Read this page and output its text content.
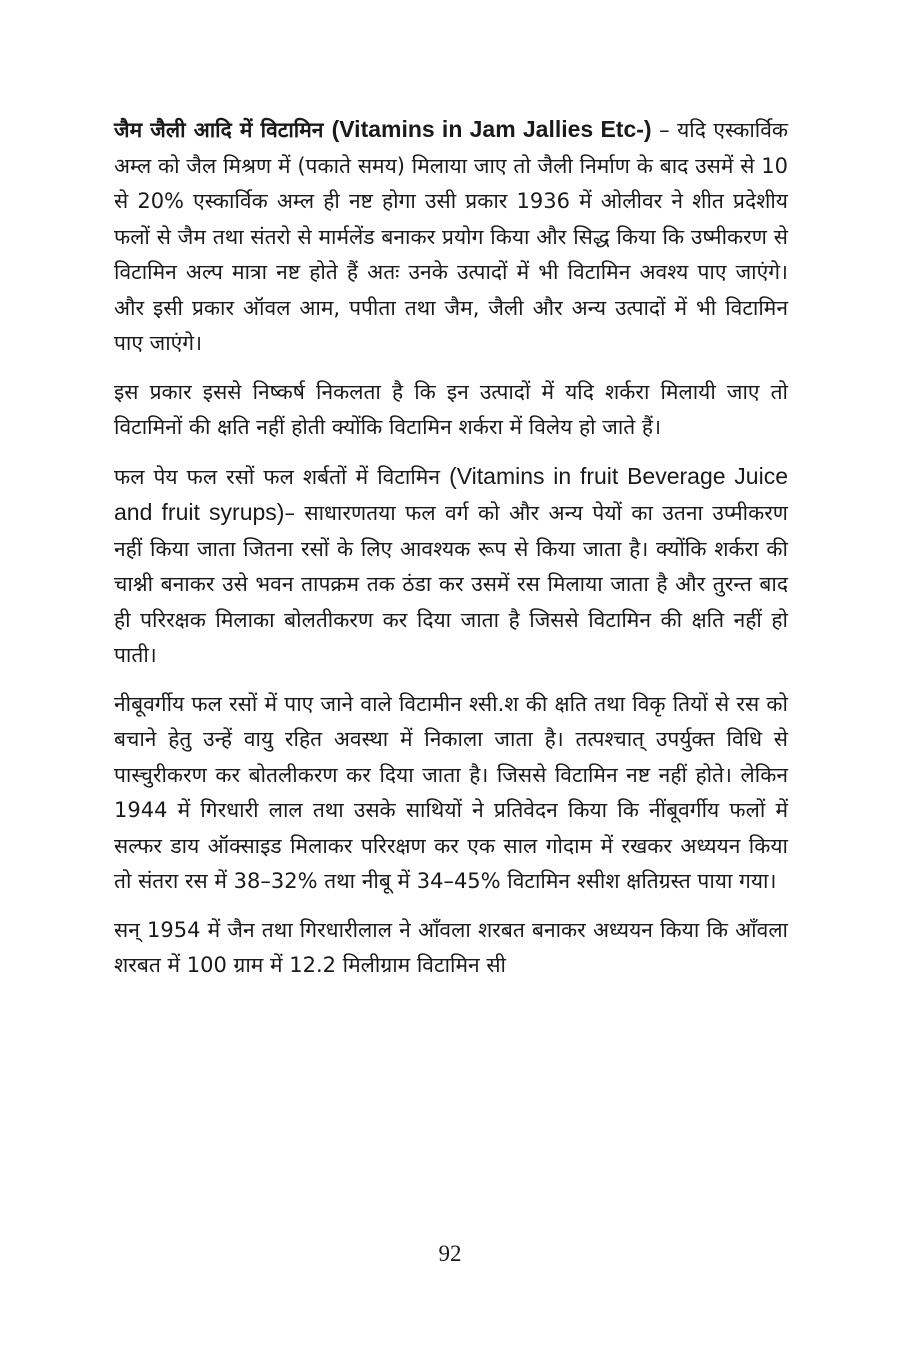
जैम जैली आदि में विटामिन (Vitamins in Jam Jallies Etc-) – यदि एस्कार्विक अम्ल को जैल मिश्रण में (पकाते समय) मिलाया जाए तो जैली निर्माण के बाद उसमें से 10 से 20% एस्कार्विक अम्ल ही नष्ट होगा उसी प्रकार 1936 में ओलीवर ने शीत प्रदेशीय फलों से जैम तथा संतरो से मार्मलेंड बनाकर प्रयोग किया और सिद्ध किया कि उष्मीकरण से विटामिन अल्प मात्रा नष्ट होते हैं अतः उनके उत्पादों में भी विटामिन अवश्य पाए जाएंगे। और इसी प्रकार ऑवल आम, पपीता तथा जैम, जैली और अन्य उत्पादों में भी विटामिन पाए जाएंगे।

इस प्रकार इससे निष्कर्ष निकलता है कि इन उत्पादों में यदि शर्करा मिलायी जाए तो विटामिनों की क्षति नहीं होती क्योंकि विटामिन शर्करा में विलेय हो जाते हैं।

फल पेय फल रसों फल शर्बतों में विटामिन (Vitamins in fruit Beverage Juice and fruit syrups)– साधारणतया फल वर्ग को और अन्य पेयों का उतना उप्मीकरण नहीं किया जाता जितना रसों के लिए आवश्यक रूप से किया जाता है। क्योंकि शर्करा की चाश्नी बनाकर उसे भवन तापक्रम तक ठंडा कर उसमें रस मिलाया जाता है और तुरन्त बाद ही परिरक्षक मिलाका बोलतीकरण कर दिया जाता है जिससे विटामिन की क्षति नहीं हो पाती।

नीबूवर्गीय फल रसों में पाए जाने वाले विटामीन श्सी.श की क्षति तथा विकृ तियों से रस को बचाने हेतु उन्हें वायु रहित अवस्था में निकाला जाता है। तत्पश्चात् उपर्युक्त विधि से पास्चुरीकरण कर बोतलीकरण कर दिया जाता है। जिससे विटामिन नष्ट नहीं होते। लेकिन 1944 में गिरधारी लाल तथा उसके साथियों ने प्रतिवेदन किया कि नींबूवर्गीय फलों में सल्फर डाय ऑक्साइड मिलाकर परिरक्षण कर एक साल गोदाम में रखकर अध्ययन किया तो संतरा रस में 38–32% तथा नीबू में 34–45% विटामिन श्सीश क्षतिग्रस्त पाया गया।

सन् 1954 में जैन तथा गिरधारीलाल ने आँवला शरबत बनाकर अध्ययन किया कि आँवला शरबत में 100 ग्राम में 12.2 मिलीग्राम विटामिन सी

92
